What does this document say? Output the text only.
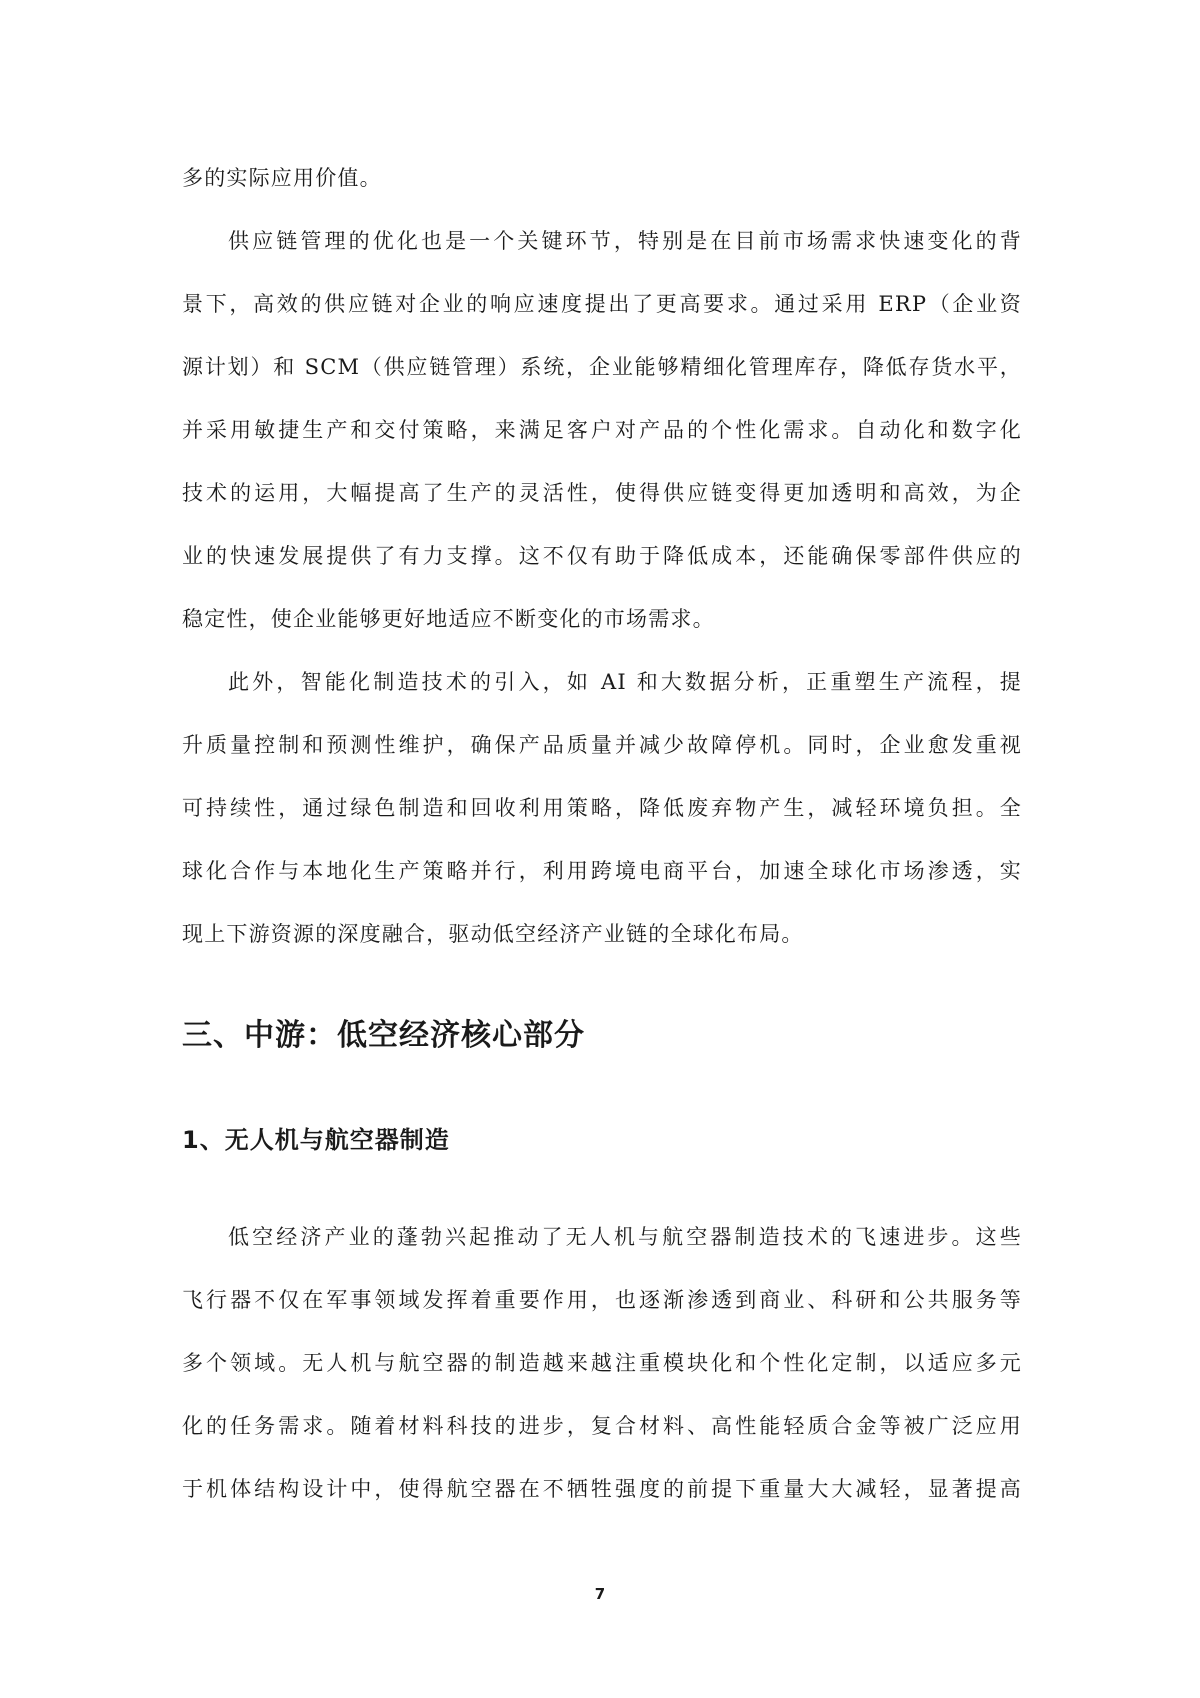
多的实际应用价值。
供应链管理的优化也是一个关键环节，特别是在目前市场需求快速变化的背
景下，高效的供应链对企业的响应速度提出了更高要求。通过采用 ERP（企业资
源计划）和 SCM（供应链管理）系统，企业能够精细化管理库存，降低存货水平，
并采用敏捷生产和交付策略，来满足客户对产品的个性化需求。自动化和数字化
技术的运用，大幅提高了生产的灵活性，使得供应链变得更加透明和高效，为企
业的快速发展提供了有力支撑。这不仅有助于降低成本，还能确保零部件供应的
稳定性，使企业能够更好地适应不断变化的市场需求。
此外，智能化制造技术的引入，如 AI 和大数据分析，正重塑生产流程，提
升质量控制和预测性维护，确保产品质量并减少故障停机。同时，企业愈发重视
可持续性，通过绿色制造和回收利用策略，降低废弃物产生，减轻环境负担。全
球化合作与本地化生产策略并行，利用跨境电商平台，加速全球化市场渗透，实
现上下游资源的深度融合，驱动低空经济产业链的全球化布局。
三、中游：低空经济核心部分
1、无人机与航空器制造
低空经济产业的蓬勃兴起推动了无人机与航空器制造技术的飞速进步。这些
飞行器不仅在军事领域发挥着重要作用，也逐渐渗透到商业、科研和公共服务等
多个领域。无人机与航空器的制造越来越注重模块化和个性化定制，以适应多元
化的任务需求。随着材料科技的进步，复合材料、高性能轻质合金等被广泛应用
于机体结构设计中，使得航空器在不牺牲强度的前提下重量大大减轻，显著提高
7
